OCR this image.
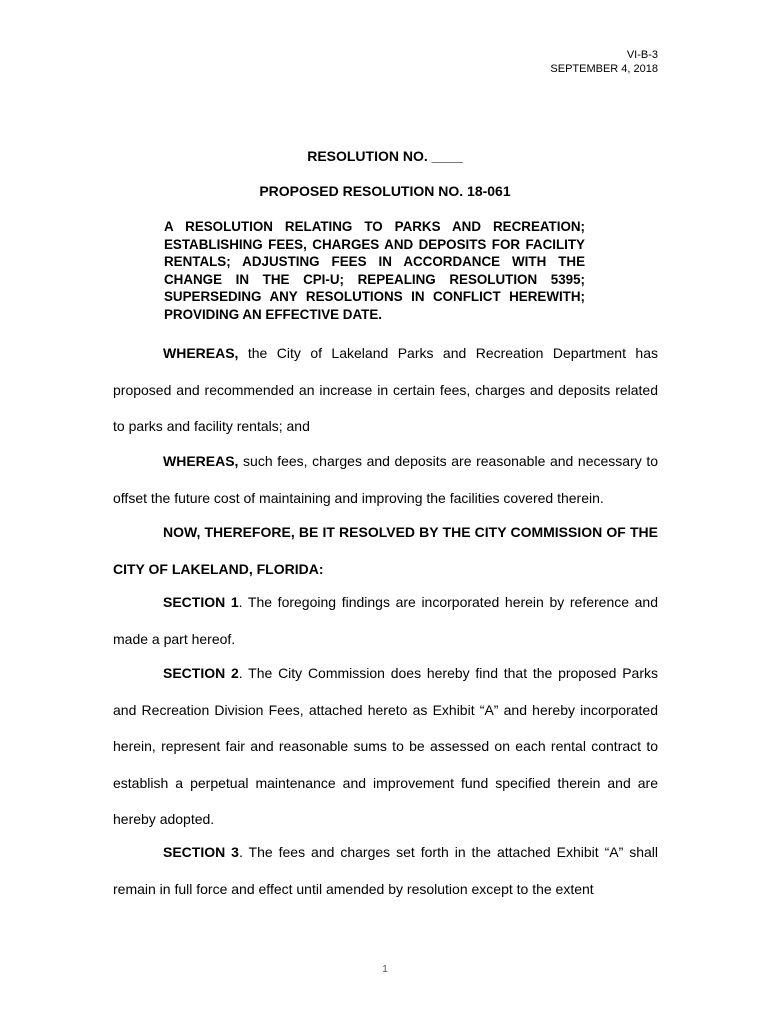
VI-B-3
SEPTEMBER 4, 2018
RESOLUTION NO. ____
PROPOSED RESOLUTION NO. 18-061
A RESOLUTION RELATING TO PARKS AND RECREATION; ESTABLISHING FEES, CHARGES AND DEPOSITS FOR FACILITY RENTALS; ADJUSTING FEES IN ACCORDANCE WITH THE CHANGE IN THE CPI-U; REPEALING RESOLUTION 5395; SUPERSEDING ANY RESOLUTIONS IN CONFLICT HEREWITH; PROVIDING AN EFFECTIVE DATE.
WHEREAS, the City of Lakeland Parks and Recreation Department has proposed and recommended an increase in certain fees, charges and deposits related to parks and facility rentals; and
WHEREAS, such fees, charges and deposits are reasonable and necessary to offset the future cost of maintaining and improving the facilities covered therein.
NOW, THEREFORE, BE IT RESOLVED BY THE CITY COMMISSION OF THE CITY OF LAKELAND, FLORIDA:
SECTION 1. The foregoing findings are incorporated herein by reference and made a part hereof.
SECTION 2. The City Commission does hereby find that the proposed Parks and Recreation Division Fees, attached hereto as Exhibit “A” and hereby incorporated herein, represent fair and reasonable sums to be assessed on each rental contract to establish a perpetual maintenance and improvement fund specified therein and are hereby adopted.
SECTION 3. The fees and charges set forth in the attached Exhibit “A” shall remain in full force and effect until amended by resolution except to the extent
1
